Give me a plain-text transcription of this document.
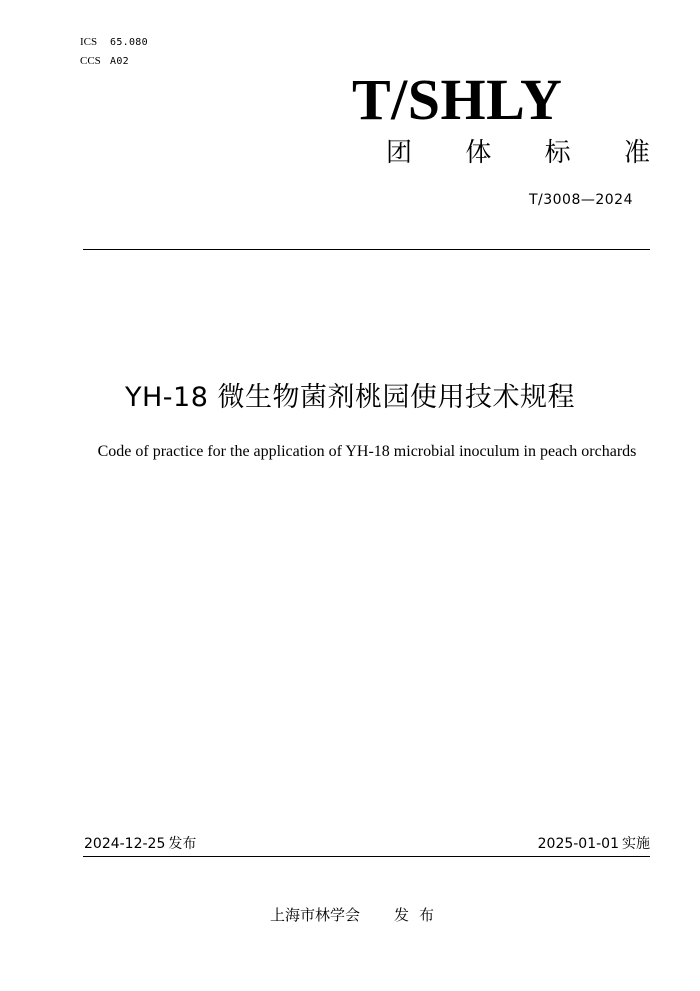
ICS 65.080
CCS A02
T/SHLY
团 体 标 准
T/3008—2024
YH-18 微生物菌剂桃园使用技术规程
Code of practice for the application of YH-18 microbial inoculum in peach orchards
2024-12-25 发布	2025-01-01 实施
上海市林学会 发布
